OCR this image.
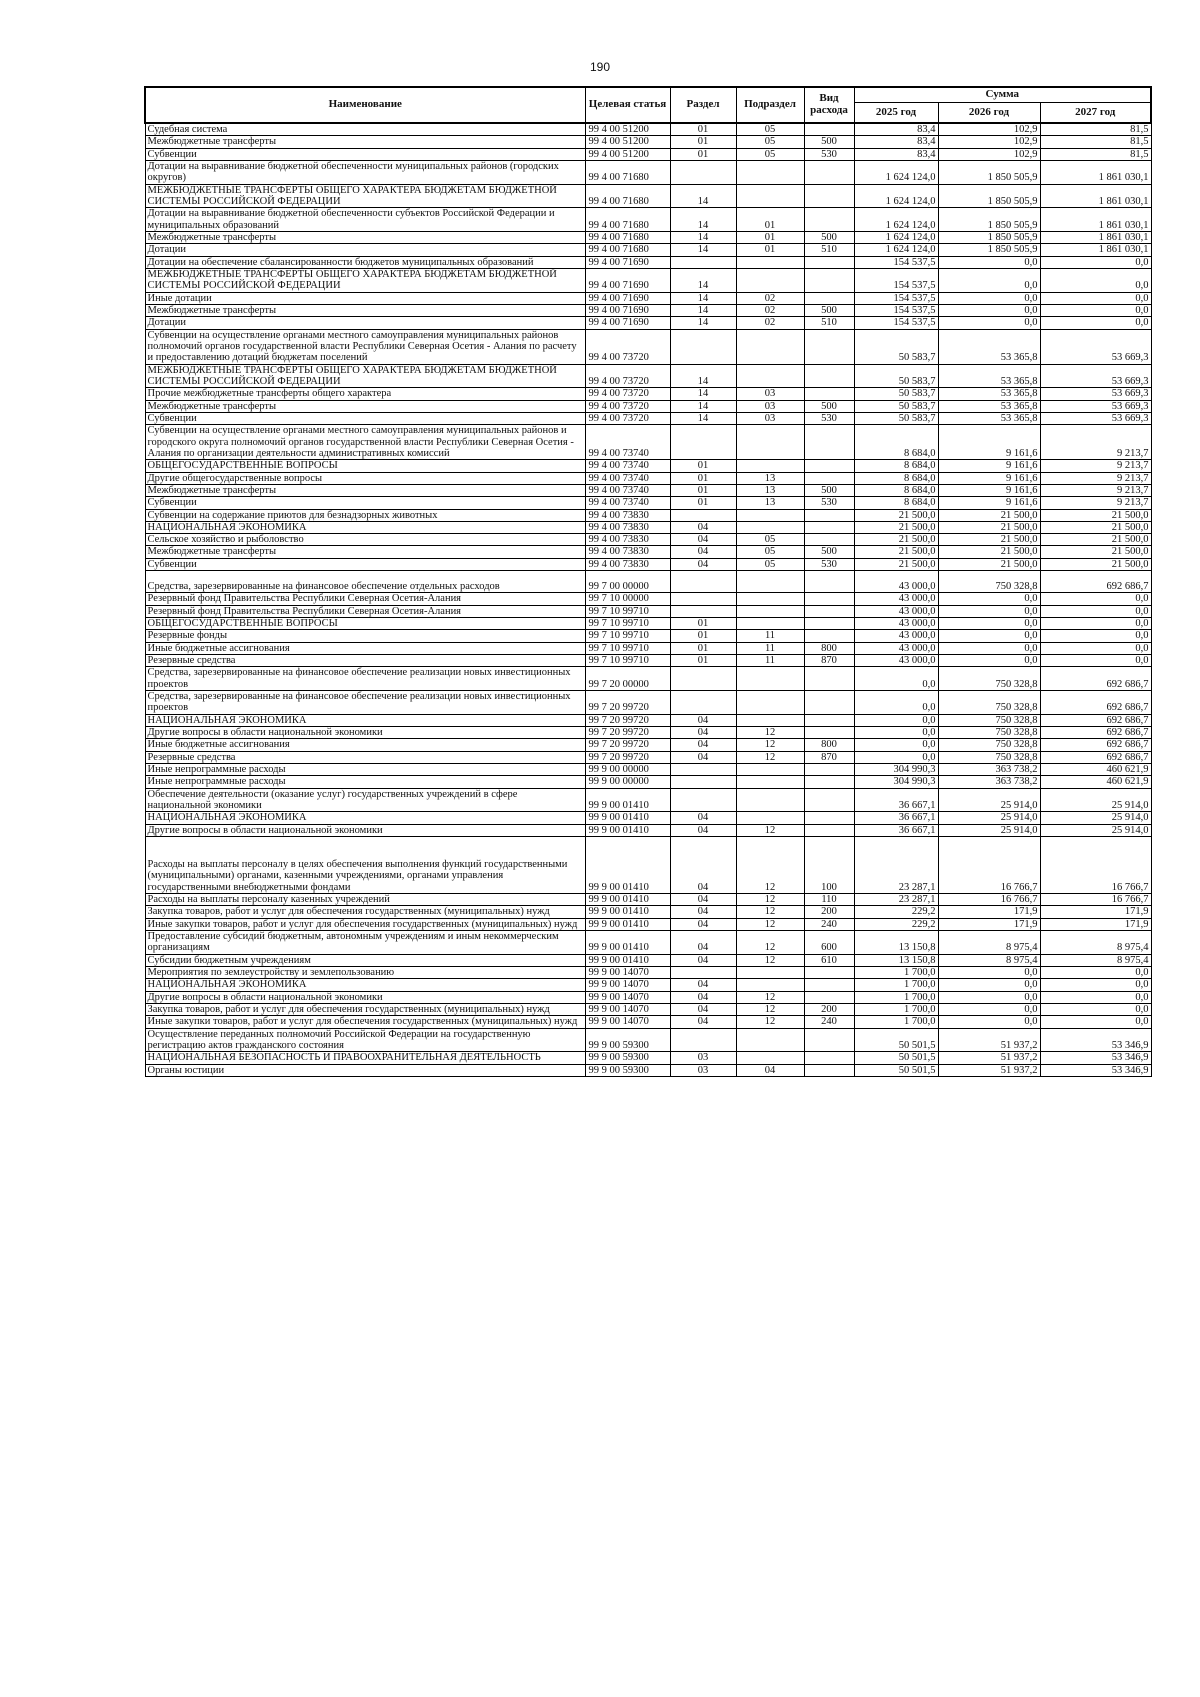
190
Наименование	Целевая статья	Раздел	Подраздел	Вид расхода	Сумма		
					2025 год	2026 год	2027 год
Судебная система	99 4 00 51200	01	05		83,4	102,9	81,5
Межбюджетные трансферты	99 4 00 51200	01	05	500	83,4	102,9	81,5
Субвенции	99 4 00 51200	01	05	530	83,4	102,9	81,5
Дотации на выравнивание бюджетной обеспеченности муниципальных районов (городских округов)	99 4 00 71680				1 624 124,0	1 850 505,9	1 861 030,1
МЕЖБЮДЖЕТНЫЕ ТРАНСФЕРТЫ ОБЩЕГО ХАРАКТЕРА БЮДЖЕТАМ БЮДЖЕТНОЙ СИСТЕМЫ РОССИЙСКОЙ ФЕДЕРАЦИИ	99 4 00 71680	14			1 624 124,0	1 850 505,9	1 861 030,1
Дотации на выравнивание бюджетной обеспеченности субъектов Российской Федерации и муниципальных образований	99 4 00 71680	14	01		1 624 124,0	1 850 505,9	1 861 030,1
Межбюджетные трансферты	99 4 00 71680	14	01	500	1 624 124,0	1 850 505,9	1 861 030,1
Дотации	99 4 00 71680	14	01	510	1 624 124,0	1 850 505,9	1 861 030,1
Дотации на обеспечение сбалансированности бюджетов муниципальных образований	99 4 00 71690				154 537,5	0,0	0,0
МЕЖБЮДЖЕТНЫЕ ТРАНСФЕРТЫ ОБЩЕГО ХАРАКТЕРА БЮДЖЕТАМ БЮДЖЕТНОЙ СИСТЕМЫ РОССИЙСКОЙ ФЕДЕРАЦИИ	99 4 00 71690	14			154 537,5	0,0	0,0
Иные дотации	99 4 00 71690	14	02		154 537,5	0,0	0,0
Межбюджетные трансферты	99 4 00 71690	14	02	500	154 537,5	0,0	0,0
Дотации	99 4 00 71690	14	02	510	154 537,5	0,0	0,0
Субвенции на осуществление органами местного самоуправления муниципальных районов полномочий органов государственной власти Республики Северная Осетия - Алания по расчету и предоставлению дотаций бюджетам поселений	99 4 00 73720				50 583,7	53 365,8	53 669,3
МЕЖБЮДЖЕТНЫЕ ТРАНСФЕРТЫ ОБЩЕГО ХАРАКТЕРА БЮДЖЕТАМ БЮДЖЕТНОЙ СИСТЕМЫ РОССИЙСКОЙ ФЕДЕРАЦИИ	99 4 00 73720	14			50 583,7	53 365,8	53 669,3
Прочие межбюджетные трансферты общего характера	99 4 00 73720	14	03		50 583,7	53 365,8	53 669,3
Межбюджетные трансферты	99 4 00 73720	14	03	500	50 583,7	53 365,8	53 669,3
Субвенции	99 4 00 73720	14	03	530	50 583,7	53 365,8	53 669,3
Субвенции на осуществление органами местного самоуправления муниципальных районов и городского округа полномочий органов государственной власти Республики Северная Осетия - Алания по организации деятельности административных комиссий	99 4 00 73740				8 684,0	9 161,6	9 213,7
ОБЩЕГОСУДАРСТВЕННЫЕ ВОПРОСЫ	99 4 00 73740	01			8 684,0	9 161,6	9 213,7
Другие общегосударственные вопросы	99 4 00 73740	01	13		8 684,0	9 161,6	9 213,7
Межбюджетные трансферты	99 4 00 73740	01	13	500	8 684,0	9 161,6	9 213,7
Субвенции	99 4 00 73740	01	13	530	8 684,0	9 161,6	9 213,7
Субвенции на содержание приютов для безнадзорных животных	99 4 00 73830				21 500,0	21 500,0	21 500,0
НАЦИОНАЛЬНАЯ ЭКОНОМИКА	99 4 00 73830	04			21 500,0	21 500,0	21 500,0
Сельское хозяйство и рыболовство	99 4 00 73830	04	05		21 500,0	21 500,0	21 500,0
Межбюджетные трансферты	99 4 00 73830	04	05	500	21 500,0	21 500,0	21 500,0
Субвенции	99 4 00 73830	04	05	530	21 500,0	21 500,0	21 500,0
Средства, зарезервированные на финансовое обеспечение отдельных расходов	99 7 00 00000				43 000,0	750 328,8	692 686,7
Резервный фонд Правительства Республики Северная Осетия-Алания	99 7 10 00000				43 000,0	0,0	0,0
Резервный фонд Правительства Республики Северная Осетия-Алания	99 7 10 99710				43 000,0	0,0	0,0
ОБЩЕГОСУДАРСТВЕННЫЕ ВОПРОСЫ	99 7 10 99710	01			43 000,0	0,0	0,0
Резервные фонды	99 7 10 99710	01	11		43 000,0	0,0	0,0
Иные бюджетные ассигнования	99 7 10 99710	01	11	800	43 000,0	0,0	0,0
Резервные средства	99 7 10 99710	01	11	870	43 000,0	0,0	0,0
Средства, зарезервированные на финансовое обеспечение реализации новых инвестиционных проектов	99 7 20 00000				0,0	750 328,8	692 686,7
Средства, зарезервированные на финансовое обеспечение реализации новых инвестиционных проектов	99 7 20 99720				0,0	750 328,8	692 686,7
НАЦИОНАЛЬНАЯ ЭКОНОМИКА	99 7 20 99720	04			0,0	750 328,8	692 686,7
Другие вопросы в области национальной экономики	99 7 20 99720	04	12		0,0	750 328,8	692 686,7
Иные бюджетные ассигнования	99 7 20 99720	04	12	800	0,0	750 328,8	692 686,7
Резервные средства	99 7 20 99720	04	12	870	0,0	750 328,8	692 686,7
Иные непрограммные расходы	99 9 00 00000				304 990,3	363 738,2	460 621,9
Иные непрограммные расходы	99 9 00 00000				304 990,3	363 738,2	460 621,9
Обеспечение деятельности (оказание услуг) государственных учреждений в сфере национальной экономики	99 9 00 01410				36 667,1	25 914,0	25 914,0
НАЦИОНАЛЬНАЯ ЭКОНОМИКА	99 9 00 01410	04			36 667,1	25 914,0	25 914,0
Другие вопросы в области национальной экономики	99 9 00 01410	04	12		36 667,1	25 914,0	25 914,0
Расходы на выплаты персоналу в целях обеспечения выполнения функций государственными (муниципальными) органами, казенными учреждениями, органами управления государственными внебюджетными фондами	99 9 00 01410	04	12	100	23 287,1	16 766,7	16 766,7
Расходы на выплаты персоналу казенных учреждений	99 9 00 01410	04	12	110	23 287,1	16 766,7	16 766,7
Закупка товаров, работ и услуг для обеспечения государственных (муниципальных) нужд	99 9 00 01410	04	12	200	229,2	171,9	171,9
Иные закупки товаров, работ и услуг для обеспечения государственных (муниципальных) нужд	99 9 00 01410	04	12	240	229,2	171,9	171,9
Предоставление субсидий бюджетным, автономным учреждениям и иным некоммерческим организациям	99 9 00 01410	04	12	600	13 150,8	8 975,4	8 975,4
Субсидии бюджетным учреждениям	99 9 00 01410	04	12	610	13 150,8	8 975,4	8 975,4
Мероприятия по землеустройству и землепользованию	99 9 00 14070				1 700,0	0,0	0,0
НАЦИОНАЛЬНАЯ ЭКОНОМИКА	99 9 00 14070	04			1 700,0	0,0	0,0
Другие вопросы в области национальной экономики	99 9 00 14070	04	12		1 700,0	0,0	0,0
Закупка товаров, работ и услуг для обеспечения государственных (муниципальных) нужд	99 9 00 14070	04	12	200	1 700,0	0,0	0,0
Иные закупки товаров, работ и услуг для обеспечения государственных (муниципальных) нужд	99 9 00 14070	04	12	240	1 700,0	0,0	0,0
Осуществление переданных полномочий Российской Федерации на государственную регистрацию актов гражданского состояния	99 9 00 59300				50 501,5	51 937,2	53 346,9
НАЦИОНАЛЬНАЯ БЕЗОПАСНОСТЬ И ПРАВООХРАНИТЕЛЬНАЯ ДЕЯТЕЛЬНОСТЬ	99 9 00 59300	03			50 501,5	51 937,2	53 346,9
Органы юстиции	99 9 00 59300	03	04		50 501,5	51 937,2	53 346,9
